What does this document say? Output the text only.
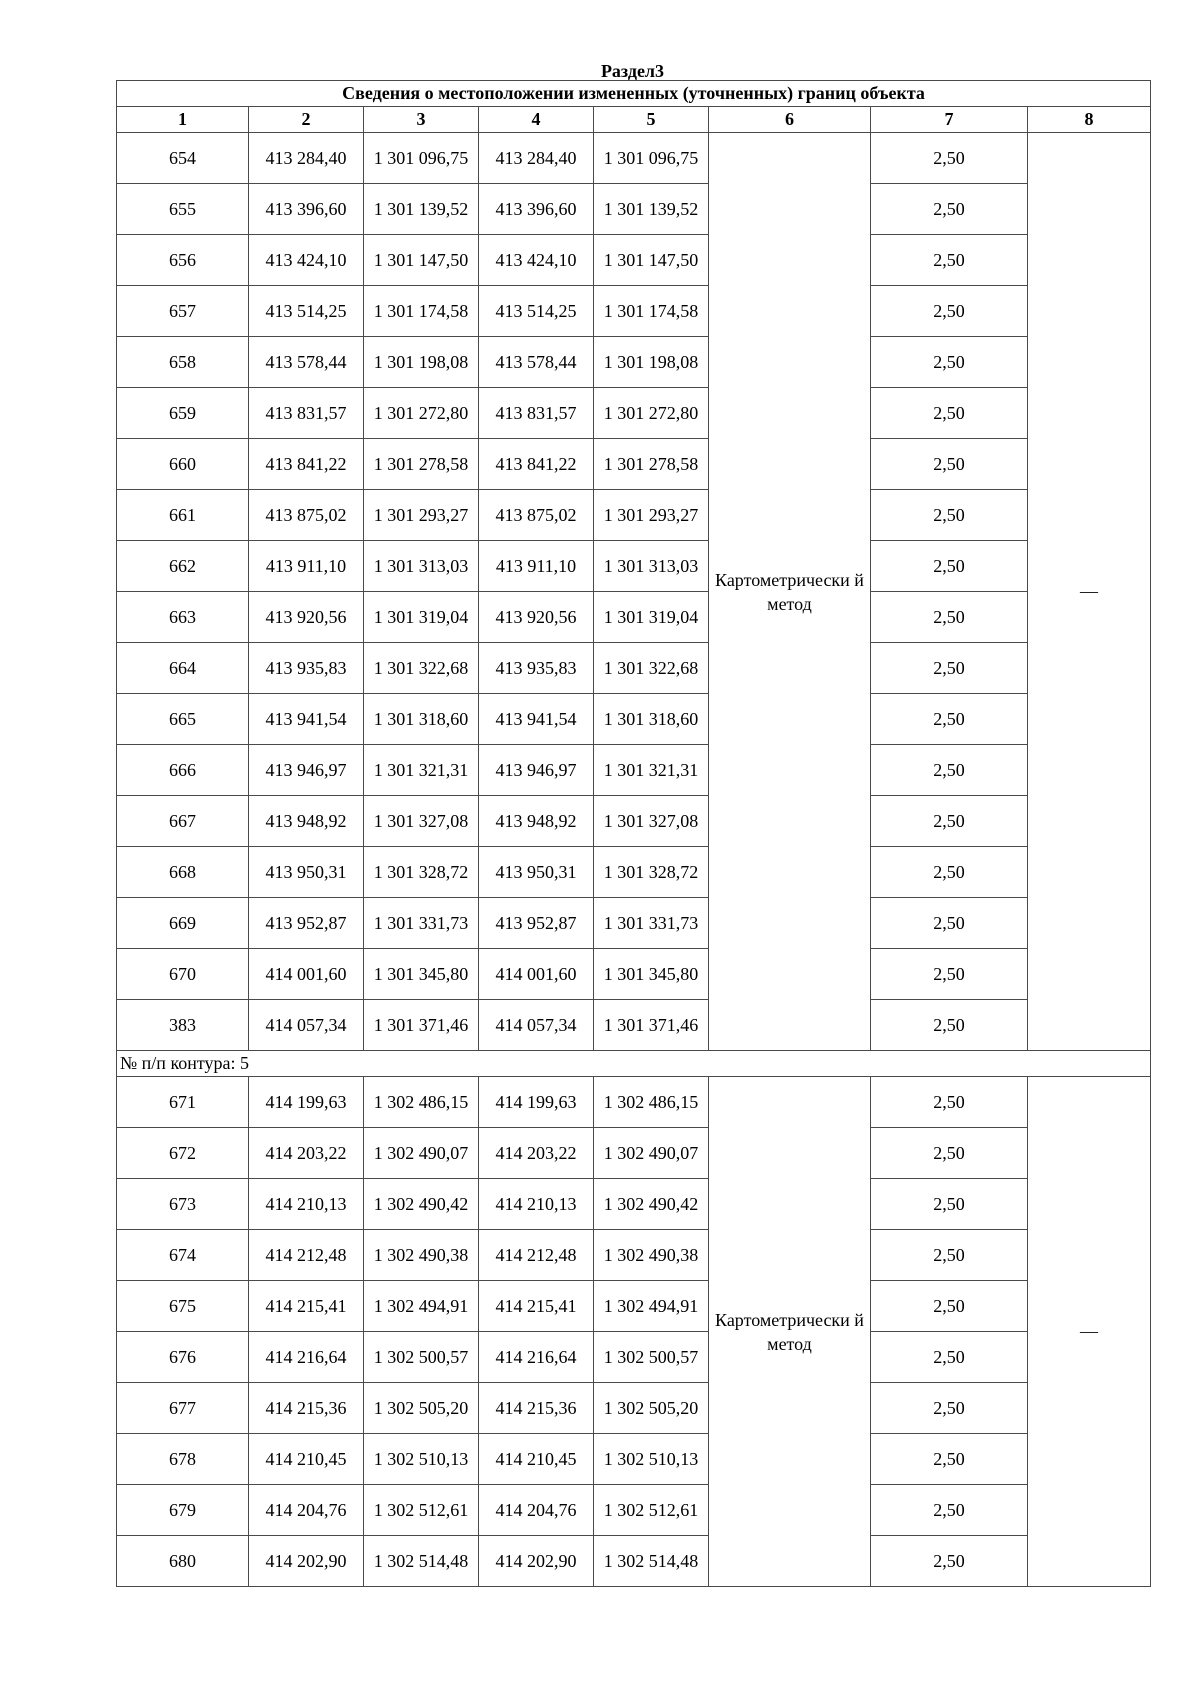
Раздел3
Сведения о местоположении измененных (уточненных) границ объекта							
1	2	3	4	5	6	7	8
654	413 284,40	1 301 096,75	413 284,40	1 301 096,75	Картометрически й метод	2,50	—
655	413 396,60	1 301 139,52	413 396,60	1 301 139,52		2,50	
656	413 424,10	1 301 147,50	413 424,10	1 301 147,50		2,50	
657	413 514,25	1 301 174,58	413 514,25	1 301 174,58		2,50	
658	413 578,44	1 301 198,08	413 578,44	1 301 198,08		2,50	
659	413 831,57	1 301 272,80	413 831,57	1 301 272,80		2,50	
660	413 841,22	1 301 278,58	413 841,22	1 301 278,58		2,50	
661	413 875,02	1 301 293,27	413 875,02	1 301 293,27		2,50	
662	413 911,10	1 301 313,03	413 911,10	1 301 313,03		2,50	
663	413 920,56	1 301 319,04	413 920,56	1 301 319,04		2,50	
664	413 935,83	1 301 322,68	413 935,83	1 301 322,68		2,50	
665	413 941,54	1 301 318,60	413 941,54	1 301 318,60		2,50	
666	413 946,97	1 301 321,31	413 946,97	1 301 321,31		2,50	
667	413 948,92	1 301 327,08	413 948,92	1 301 327,08		2,50	
668	413 950,31	1 301 328,72	413 950,31	1 301 328,72		2,50	
669	413 952,87	1 301 331,73	413 952,87	1 301 331,73		2,50	
670	414 001,60	1 301 345,80	414 001,60	1 301 345,80		2,50	
383	414 057,34	1 301 371,46	414 057,34	1 301 371,46		2,50	
№ п/п контура: 5							
671	414 199,63	1 302 486,15	414 199,63	1 302 486,15	Картометрически й метод	2,50	—
672	414 203,22	1 302 490,07	414 203,22	1 302 490,07		2,50	
673	414 210,13	1 302 490,42	414 210,13	1 302 490,42		2,50	
674	414 212,48	1 302 490,38	414 212,48	1 302 490,38		2,50	
675	414 215,41	1 302 494,91	414 215,41	1 302 494,91		2,50	
676	414 216,64	1 302 500,57	414 216,64	1 302 500,57		2,50	
677	414 215,36	1 302 505,20	414 215,36	1 302 505,20		2,50	
678	414 210,45	1 302 510,13	414 210,45	1 302 510,13		2,50	
679	414 204,76	1 302 512,61	414 204,76	1 302 512,61		2,50	
680	414 202,90	1 302 514,48	414 202,90	1 302 514,48		2,50	
